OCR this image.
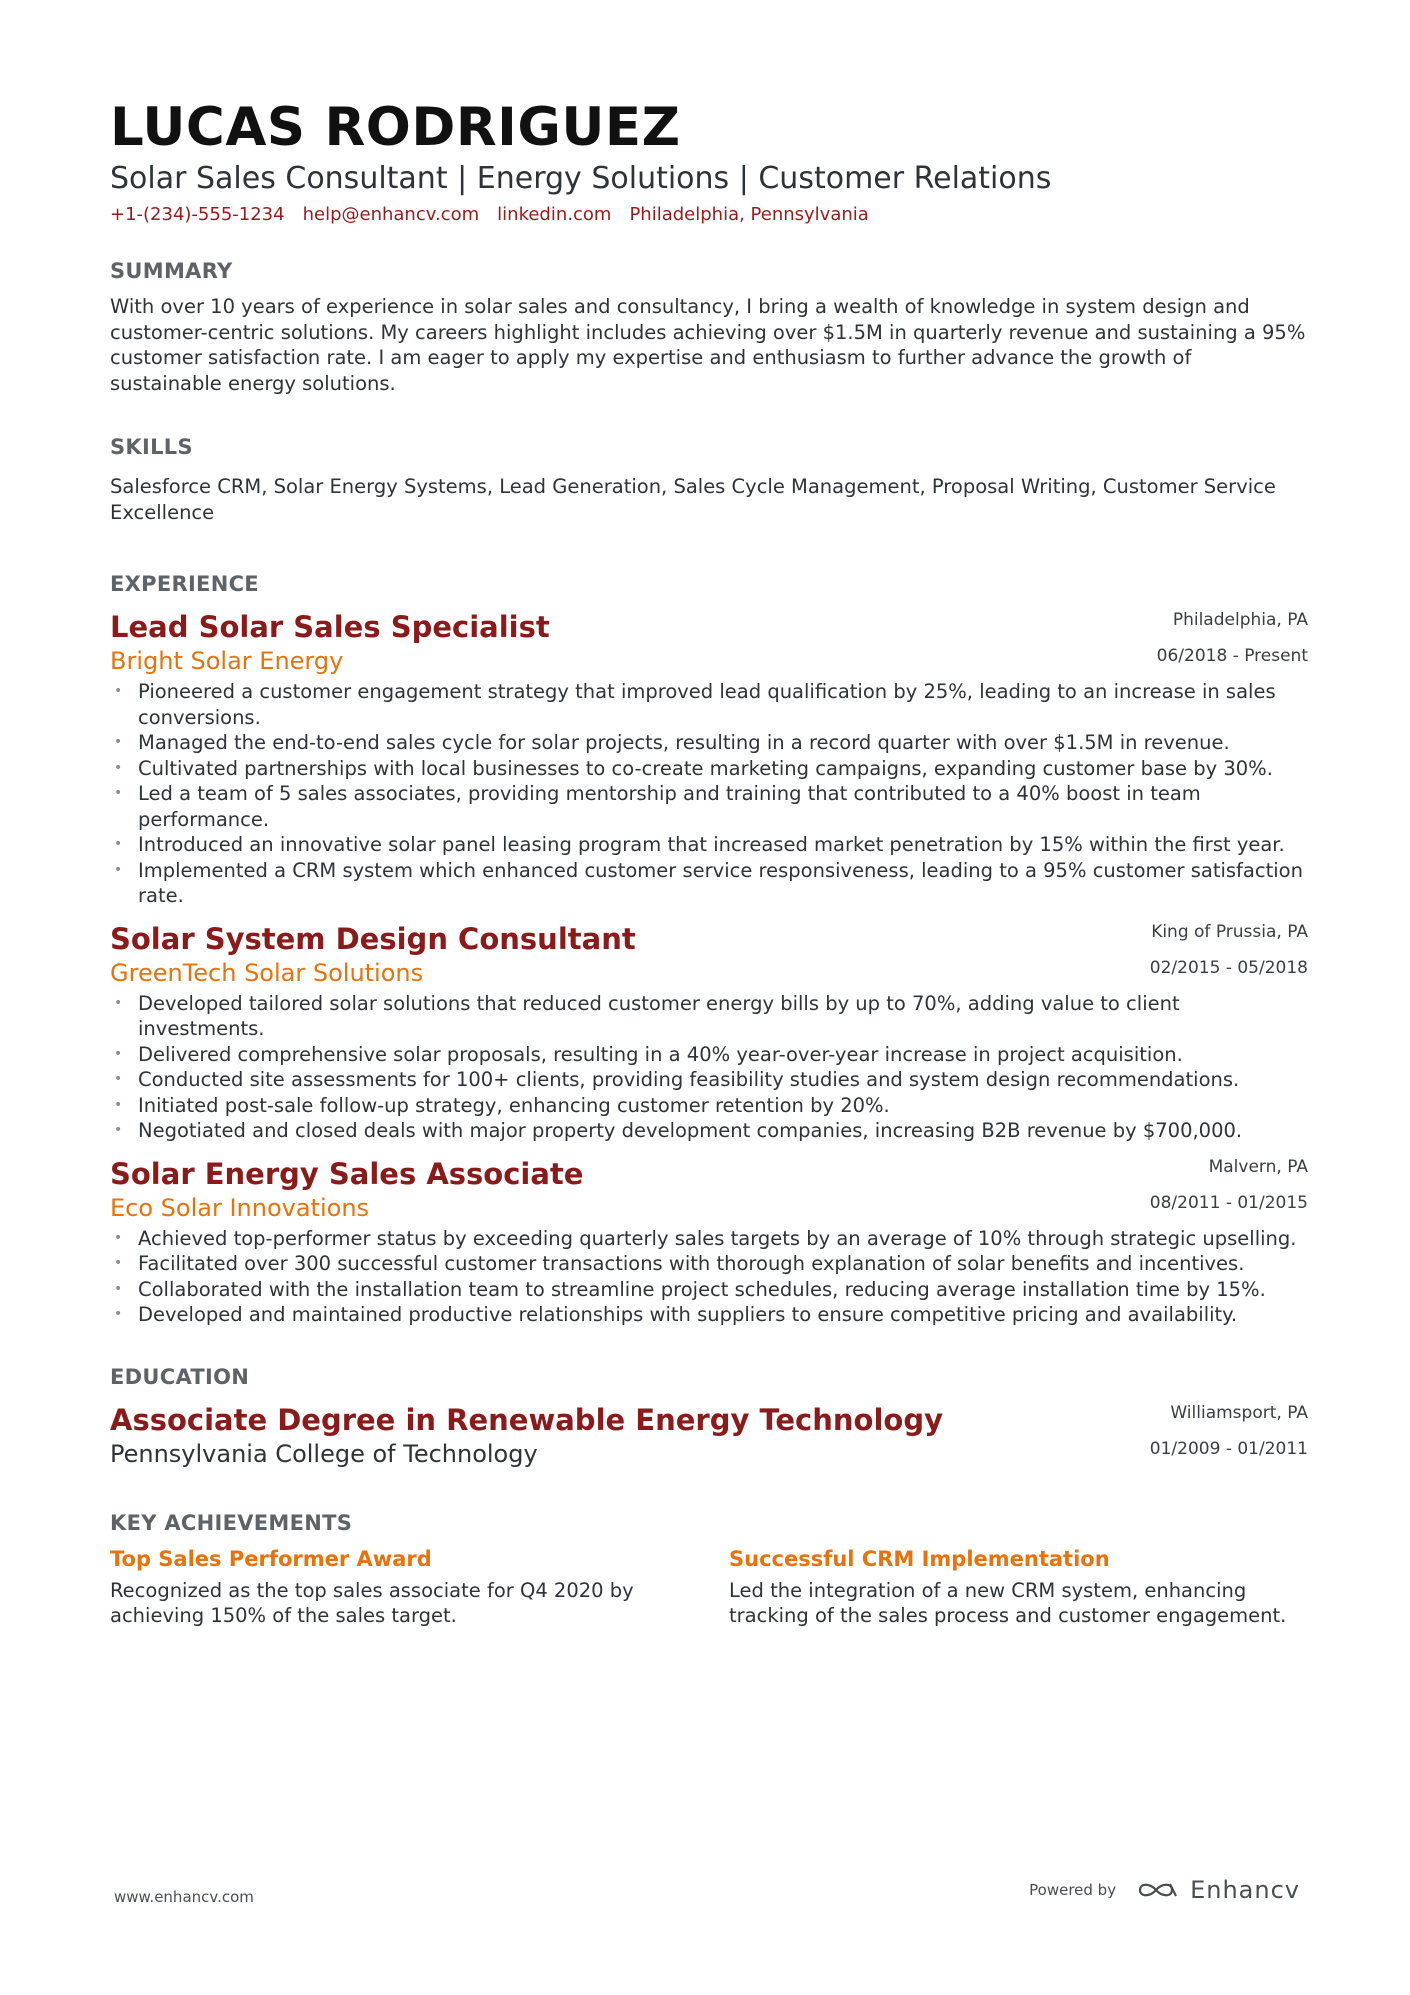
LUCAS RODRIGUEZ
Solar Sales Consultant | Energy Solutions | Customer Relations
+1-(234)-555-1234 help@enhancv.com linkedin.com Philadelphia, Pennsylvania
SUMMARY

With over 10 years of experience in solar sales and consultancy, I bring a wealth of knowledge in system design and customer-centric solutions. My careers highlight includes achieving over $1.5M in quarterly revenue and sustaining a 95% customer satisfaction rate. I am eager to apply my expertise and enthusiasm to further advance the growth of sustainable energy solutions.

SKILLS

Salesforce CRM, Solar Energy Systems, Lead Generation, Sales Cycle Management, Proposal Writing, Customer Service Excellence

EXPERIENCE
Philadelphia, PA
06/2018 - Present
Lead Solar Sales Specialist
Bright Solar Energy
• Pioneered a customer engagement strategy that improved lead qualification by 25%, leading to an increase in sales conversions.
• Managed the end-to-end sales cycle for solar projects, resulting in a record quarter with over $1.5M in revenue.
• Cultivated partnerships with local businesses to co-create marketing campaigns, expanding customer base by 30%.
• Led a team of 5 sales associates, providing mentorship and training that contributed to a 40% boost in team performance.
• Introduced an innovative solar panel leasing program that increased market penetration by 15% within the first year.
• Implemented a CRM system which enhanced customer service responsiveness, leading to a 95% customer satisfaction rate.
King of Prussia, PA
02/2015 - 05/2018
Solar System Design Consultant
GreenTech Solar Solutions
• Developed tailored solar solutions that reduced customer energy bills by up to 70%, adding value to client investments.
• Delivered comprehensive solar proposals, resulting in a 40% year-over-year increase in project acquisition.
• Conducted site assessments for 100+ clients, providing feasibility studies and system design recommendations.
• Initiated post-sale follow-up strategy, enhancing customer retention by 20%.
• Negotiated and closed deals with major property development companies, increasing B2B revenue by $700,000.
Malvern, PA
08/2011 - 01/2015
Solar Energy Sales Associate
Eco Solar Innovations
• Achieved top-performer status by exceeding quarterly sales targets by an average of 10% through strategic upselling.
• Facilitated over 300 successful customer transactions with thorough explanation of solar benefits and incentives.
• Collaborated with the installation team to streamline project schedules, reducing average installation time by 15%.
• Developed and maintained productive relationships with suppliers to ensure competitive pricing and availability.
EDUCATION
Williamsport, PA
01/2009 - 01/2011
Associate Degree in Renewable Energy Technology
Pennsylvania College of Technology
KEY ACHIEVEMENTS
Top Sales Performer Award

Recognized as the top sales associate for Q4 2020 by achieving 150% of the sales target.

Successful CRM Implementation

Led the integration of a new CRM system, enhancing tracking of the sales process and customer engagement.

www.enhancv.com	Powered by	Enhancv
